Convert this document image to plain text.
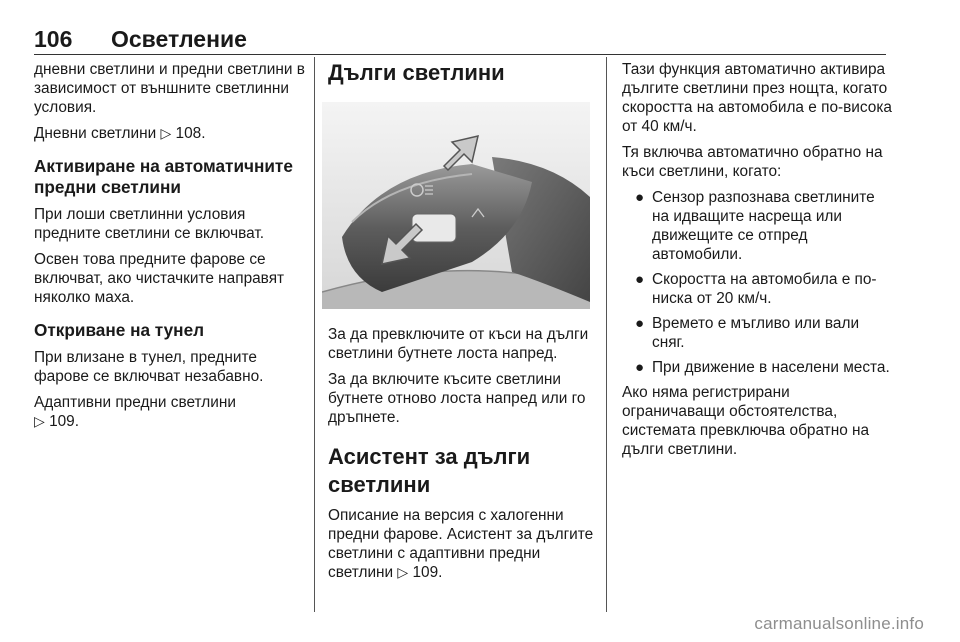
106 Осветление

дневни светлини и предни светлини в зависимост от външните светлинни условия.

Дневни светлини ▷ 108.

Активиране на автоматичните предни светлини

При лоши светлинни условия предните светлини се включват.

Освен това предните фарове се включват, ако чистачките направят няколко маха.

Откриване на тунел

При влизане в тунел, предните фарове се включват незабавно.

Адаптивни предни светлини
▷ 109.

Дълги светлини

За да превключите от къси на дълги светлини бутнете лоста напред.

За да включите късите светлини бутнете отново лоста напред или го дръпнете.

Асистент за дълги светлини

Описание на версия с халогенни предни фарове. Асистент за дългите светлини с адаптивни предни светлини ▷ 109.

Тази функция автоматично активира дългите светлини през нощта, когато скоростта на автомобила е по-висока от 40 км/ч.

Тя включва автоматично обратно на къси светлини, когато:

● Сензор разпознава светлините на идващите насреща или движещите се отпред автомобили.
● Скоростта на автомобила е по-ниска от 20 км/ч.
● Времето е мъгливо или вали сняг.
● При движение в населени места.

Ако няма регистрирани ограничаващи обстоятелства, системата превключва обратно на дълги светлини.

carmanualsonline.info
